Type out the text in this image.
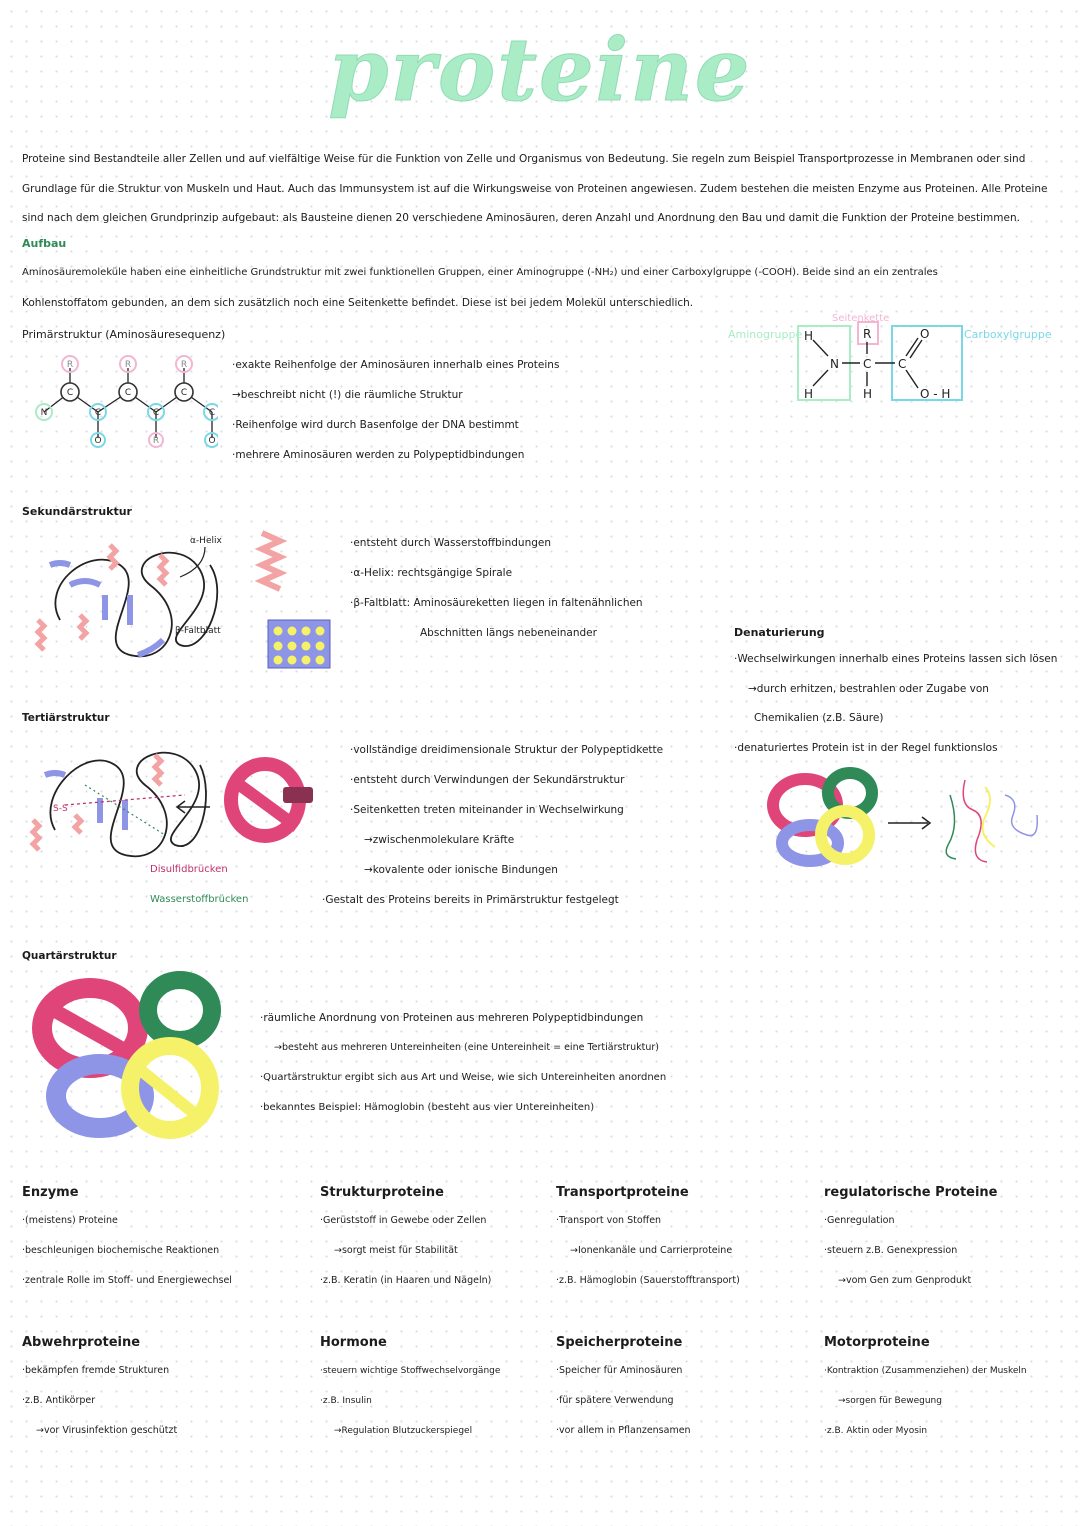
proteine
Proteine sind Bestandteile aller Zellen und auf vielfältige Weise für die Funktion von Zelle und Organismus von Bedeutung. Sie regeln zum Beispiel Transportprozesse in Membranen oder sind
Grundlage für die Struktur von Muskeln und Haut. Auch das Immunsystem ist auf die Wirkungsweise von Proteinen angewiesen. Zudem bestehen die meisten Enzyme aus Proteinen. Alle Proteine
sind nach dem gleichen Grundprinzip aufgebaut: als Bausteine dienen 20 verschiedene Aminosäuren, deren Anzahl und Anordnung den Bau und damit die Funktion der Proteine bestimmen.
Aufbau
Aminosäuremoleküle haben eine einheitliche Grundstruktur mit zwei funktionellen Gruppen, einer Aminogruppe (-NH₂) und einer Carboxylgruppe (-COOH). Beide sind an ein zentrales
Kohlenstoffatom gebunden, an dem sich zusätzlich noch eine Seitenkette befindet. Diese ist bei jedem Molekül unterschiedlich.
Aminogruppe
Seitenkette
Carboxylgruppe
H
H
N C
R
H
C
O
O - H
Primärstruktur (Aminosäuresequenz)
R	R	R
C	C	C
N	C	C	C
O	R	O
·exakte Reihenfolge der Aminosäuren innerhalb eines Proteins
→beschreibt nicht (!) die räumliche Struktur
·Reihenfolge wird durch Basenfolge der DNA bestimmt
·mehrere Aminosäuren werden zu Polypeptidbindungen
Sekundärstruktur
α-Helix
β-Faltblatt
·entsteht durch Wasserstoffbindungen
·α-Helix: rechtsgängige Spirale
·β-Faltblatt: Aminosäureketten liegen in faltenähnlichen
Abschnitten längs nebeneinander	Denaturierung
·Wechselwirkungen innerhalb eines Proteins lassen sich lösen
→durch erhitzen, bestrahlen oder Zugabe von
Chemikalien (z.B. Säure)
·denaturiertes Protein ist in der Regel funktionslos
Tertiärstruktur
S-S
Disulfidbrücken
Wasserstoffbrücken
·vollständige dreidimensionale Struktur der Polypeptidkette
·entsteht durch Verwindungen der Sekundärstruktur
·Seitenketten treten miteinander in Wechselwirkung
→zwischenmolekulare Kräfte
→kovalente oder ionische Bindungen
·Gestalt des Proteins bereits in Primärstruktur festgelegt
Quartärstruktur
·räumliche Anordnung von Proteinen aus mehreren Polypeptidbindungen
→besteht aus mehreren Untereinheiten (eine Untereinheit = eine Tertiärstruktur)
·Quartärstruktur ergibt sich aus Art und Weise, wie sich Untereinheiten anordnen
·bekanntes Beispiel: Hämoglobin (besteht aus vier Untereinheiten)
Enzyme
·(meistens) Proteine
·beschleunigen biochemische Reaktionen
·zentrale Rolle im Stoff- und Energiewechsel
Strukturproteine
·Gerüststoff in Gewebe oder Zellen
→sorgt meist für Stabilität
·z.B. Keratin (in Haaren und Nägeln)
Transportproteine
·Transport von Stoffen
→Ionenkanäle und Carrierproteine
·z.B. Hämoglobin (Sauerstofftransport)
regulatorische Proteine
·Genregulation
·steuern z.B. Genexpression
→vom Gen zum Genprodukt
Abwehrproteine
·bekämpfen fremde Strukturen
·z.B. Antikörper
→vor Virusinfektion geschützt
Hormone
·steuern wichtige Stoffwechselvorgänge
·z.B. Insulin
→Regulation Blutzuckerspiegel
Speicherproteine
·Speicher für Aminosäuren
·für spätere Verwendung
·vor allem in Pflanzensamen
Motorproteine
·Kontraktion (Zusammenziehen) der Muskeln
→sorgen für Bewegung
·z.B. Aktin oder Myosin
